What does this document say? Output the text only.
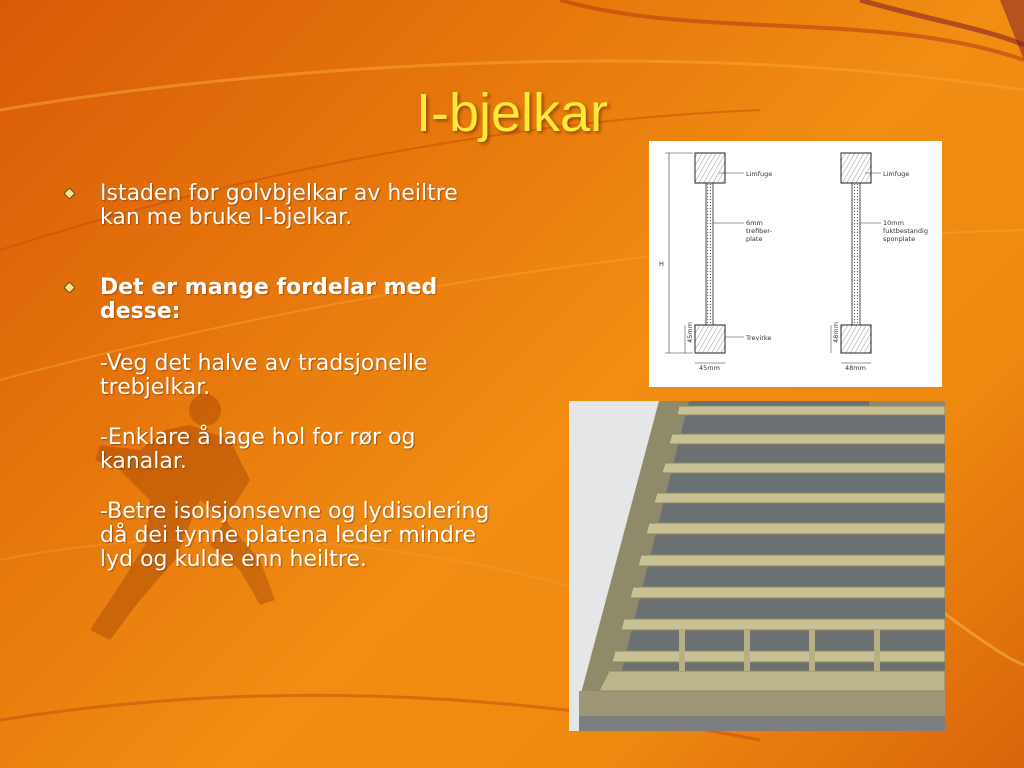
I-bjelkar
Istaden for golvbjelkar av heiltre kan me bruke I-bjelkar.
Det er mange fordelar med desse:
-Veg det halve av tradsjonelle trebjelkar.
-Enklare å lage hol for rør og kanalar.
-Betre isolsjonsevne og lydisolering då dei tynne platena leder mindre lyd og kulde enn heiltre.
H
45mm
45mm
Limfuge
6mm
trefiber-
plate
Trevirke	48mm
48mm
Limfuge
10mm
fuktbestandig
sponplate
